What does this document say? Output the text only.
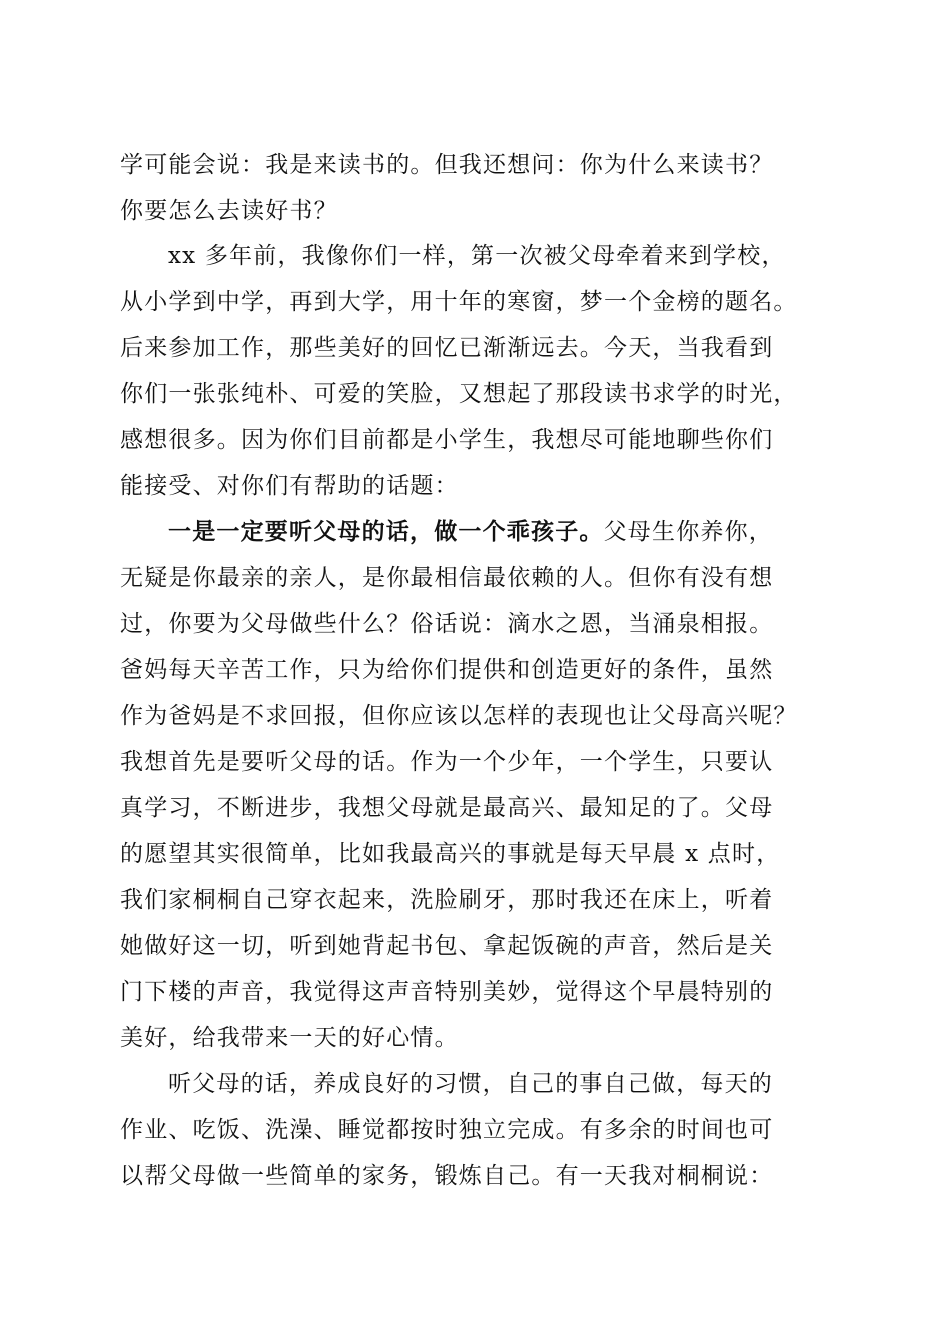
学可能会说：我是来读书的。但我还想问：你为什么来读书？
你要怎么去读好书？
xx 多年前，我像你们一样，第一次被父母牵着来到学校，
从小学到中学，再到大学，用十年的寒窗，梦一个金榜的题名。
后来参加工作，那些美好的回忆已渐渐远去。今天，当我看到
你们一张张纯朴、可爱的笑脸，又想起了那段读书求学的时光，
感想很多。因为你们目前都是小学生，我想尽可能地聊些你们
能接受、对你们有帮助的话题：
一是一定要听父母的话，做一个乖孩子。父母生你养你，
无疑是你最亲的亲人，是你最相信最依赖的人。但你有没有想
过，你要为父母做些什么？俗话说：滴水之恩，当涌泉相报。
爸妈每天辛苦工作，只为给你们提供和创造更好的条件，虽然
作为爸妈是不求回报，但你应该以怎样的表现也让父母高兴呢？
我想首先是要听父母的话。作为一个少年，一个学生，只要认
真学习，不断进步，我想父母就是最高兴、最知足的了。父母
的愿望其实很简单，比如我最高兴的事就是每天早晨 x 点时，
我们家桐桐自己穿衣起来，洗脸刷牙，那时我还在床上，听着
她做好这一切，听到她背起书包、拿起饭碗的声音，然后是关
门下楼的声音，我觉得这声音特别美妙，觉得这个早晨特别的
美好，给我带来一天的好心情。
听父母的话，养成良好的习惯，自己的事自己做，每天的
作业、吃饭、洗澡、睡觉都按时独立完成。有多余的时间也可
以帮父母做一些简单的家务，锻炼自己。有一天我对桐桐说：
